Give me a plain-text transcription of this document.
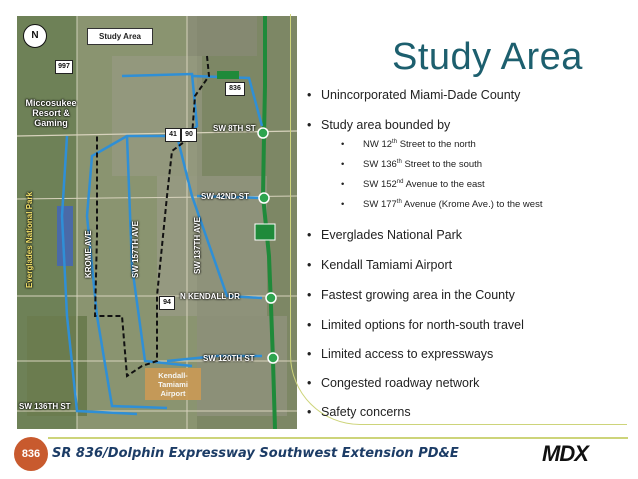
N	Study Area
997
836
41	90
94
Miccosukee Resort & Gaming
SW 8TH ST
SW 42ND ST
N KENDALL DR
SW 120TH ST
SW 136TH ST
Everglades National Park	KROME AVE	SW 157TH AVE	SW 137TH AVE
Kendall-Tamiami Airport
Study Area
• Unincorporated Miami-Dade County
• Study area bounded by
• NW 12th Street to the north
• SW 136th Street to the south
• SW 152nd Avenue to the east
• SW 177th Avenue (Krome Ave.) to the west
• Everglades National Park
• Kendall Tamiami Airport
• Fastest growing area in the County
• Limited options for north-south travel
• Limited access to expressways
• Congested roadway network
• Safety concerns
836 SR 836/Dolphin Expressway Southwest Extension PD&E	MDX
